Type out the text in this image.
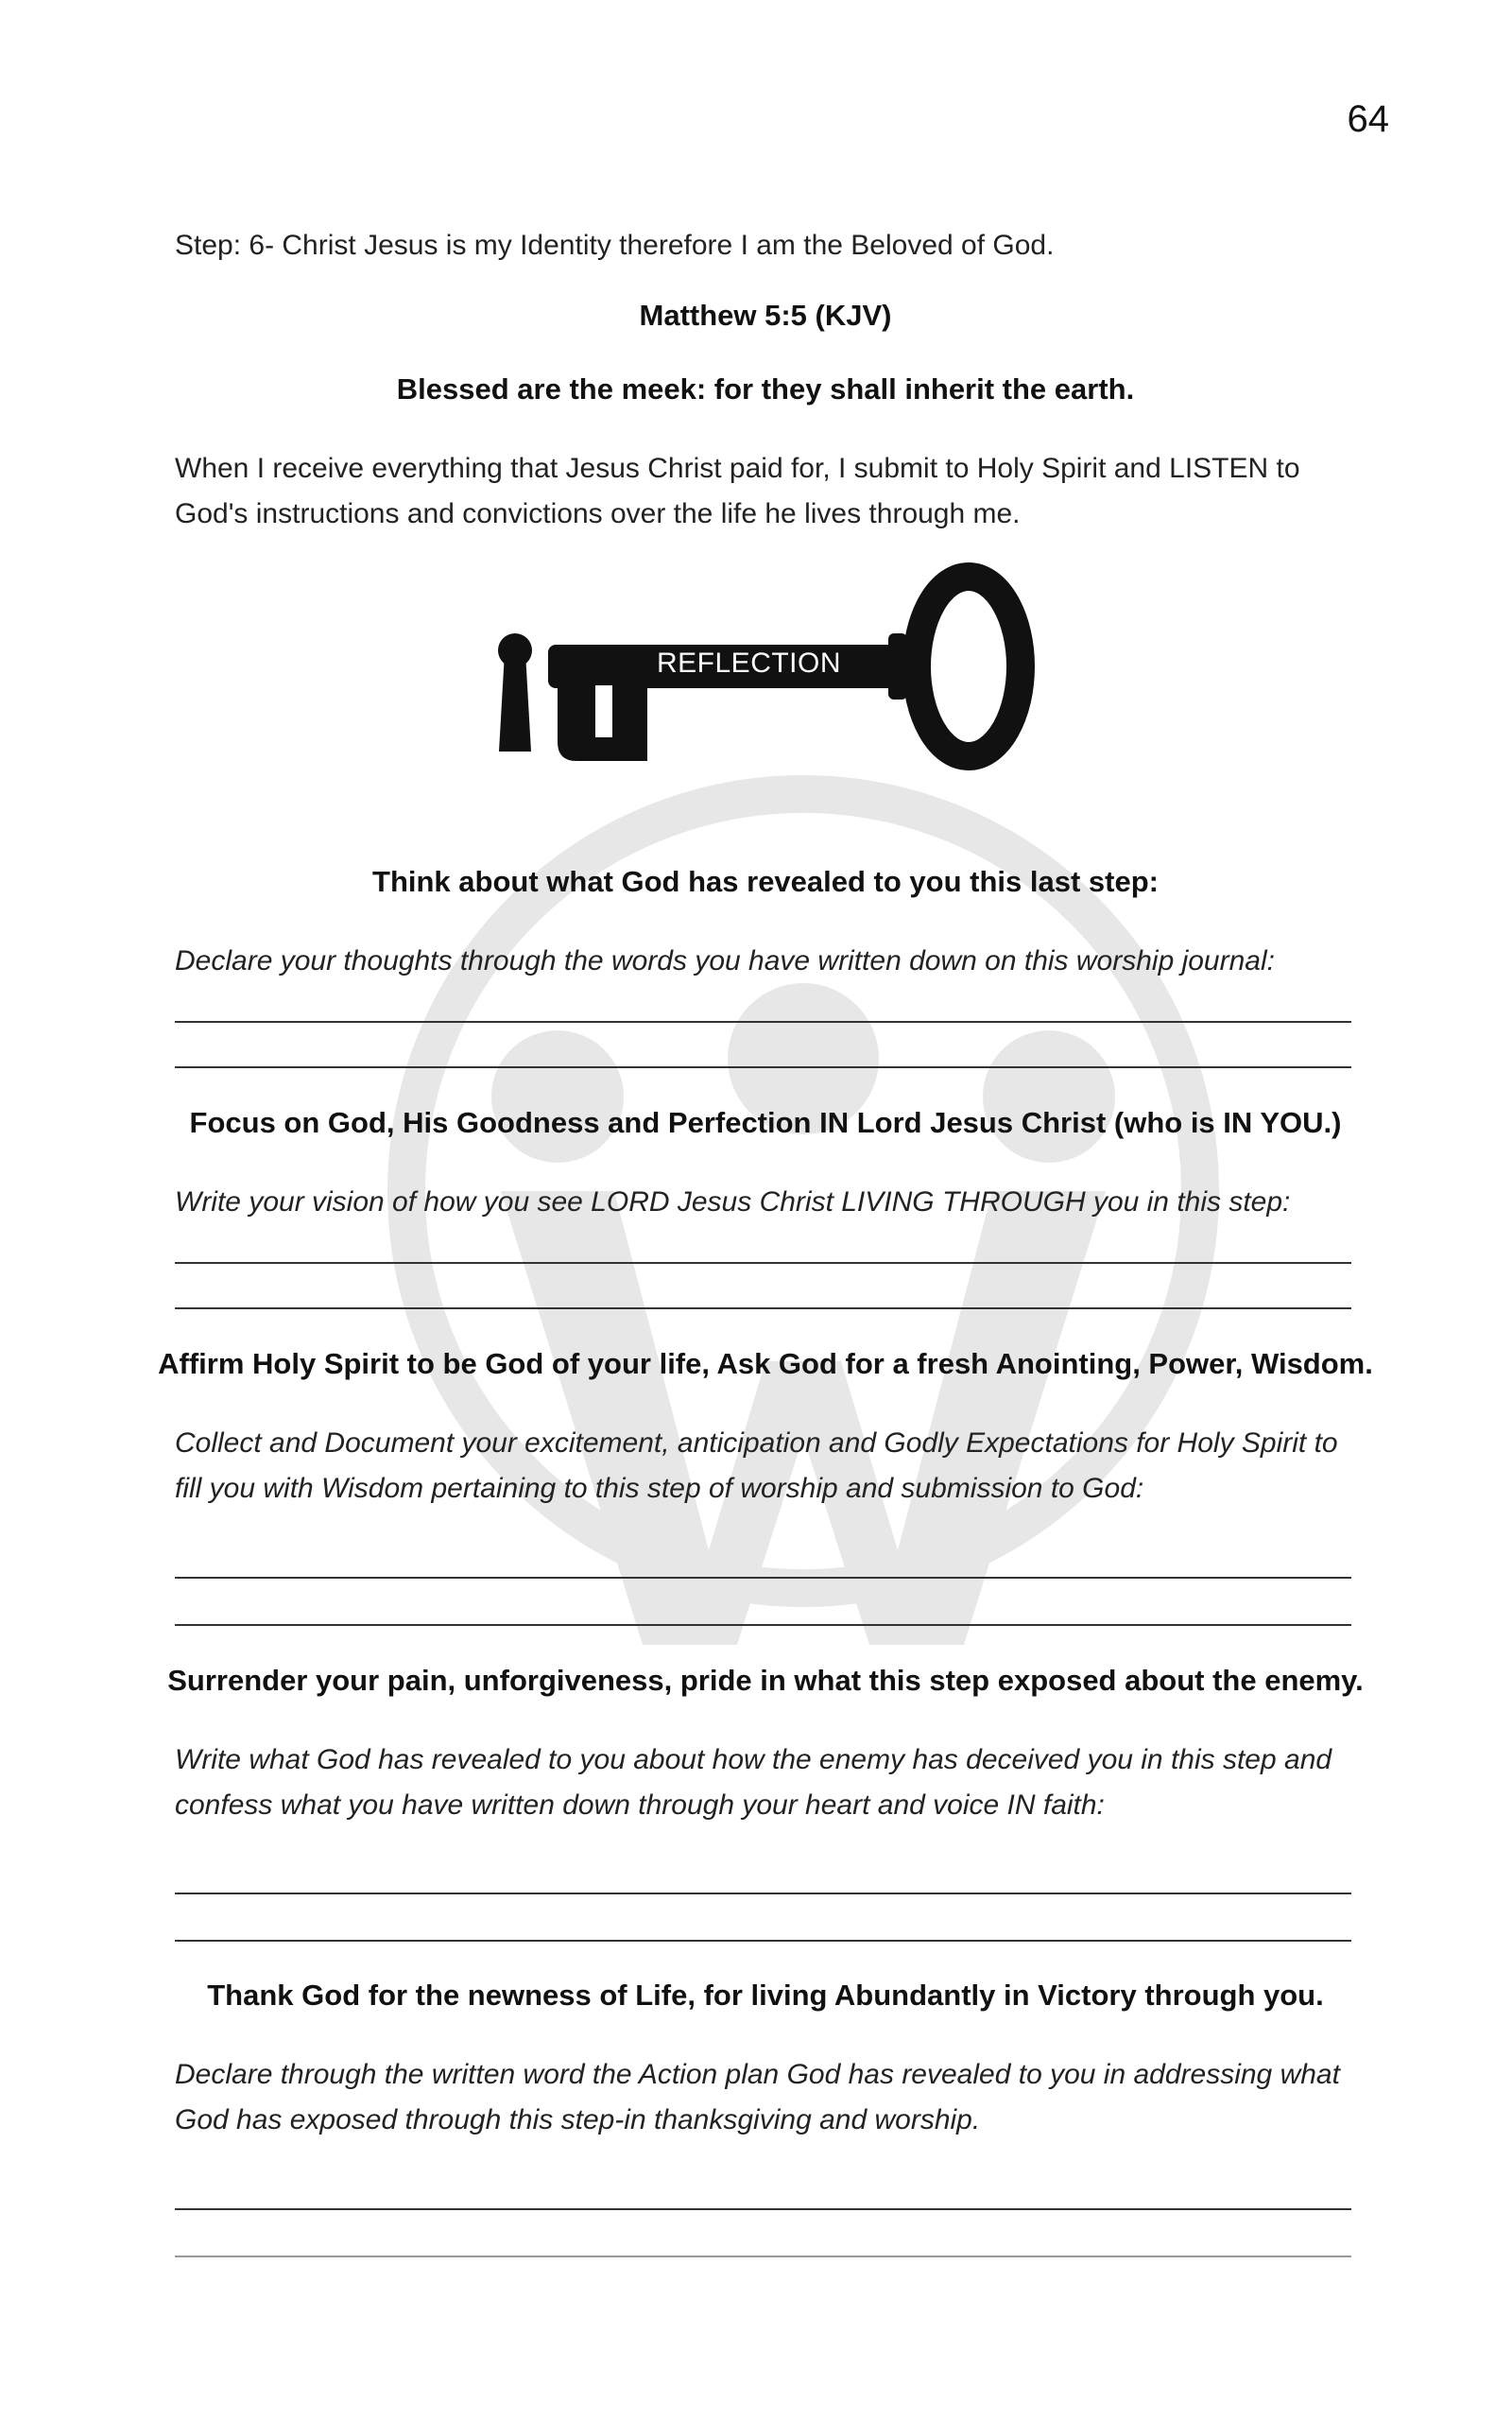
64
Step: 6- Christ Jesus is my Identity therefore I am the Beloved of God.
Matthew 5:5 (KJV)
Blessed are the meek: for they shall inherit the earth.
When I receive everything that Jesus Christ paid for, I submit to Holy Spirit and LISTEN to God's instructions and convictions over the life he lives through me.
REFLECTION
Think about what God has revealed to you this last step:
Declare your thoughts through the words you have written down on this worship journal:
Focus on God, His Goodness and Perfection IN Lord Jesus Christ (who is IN YOU.)
Write your vision of how you see LORD Jesus Christ LIVING THROUGH you in this step:
Affirm Holy Spirit to be God of your life, Ask God for a fresh Anointing, Power, Wisdom.
Collect and Document your excitement, anticipation and Godly Expectations for Holy Spirit to fill you with Wisdom pertaining to this step of worship and submission to God:
Surrender your pain, unforgiveness, pride in what this step exposed about the enemy.
Write what God has revealed to you about how the enemy has deceived you in this step and confess what you have written down through your heart and voice IN faith:
Thank God for the newness of Life, for living Abundantly in Victory through you.
Declare through the written word the Action plan God has revealed to you in addressing what God has exposed through this step-in thanksgiving and worship.
